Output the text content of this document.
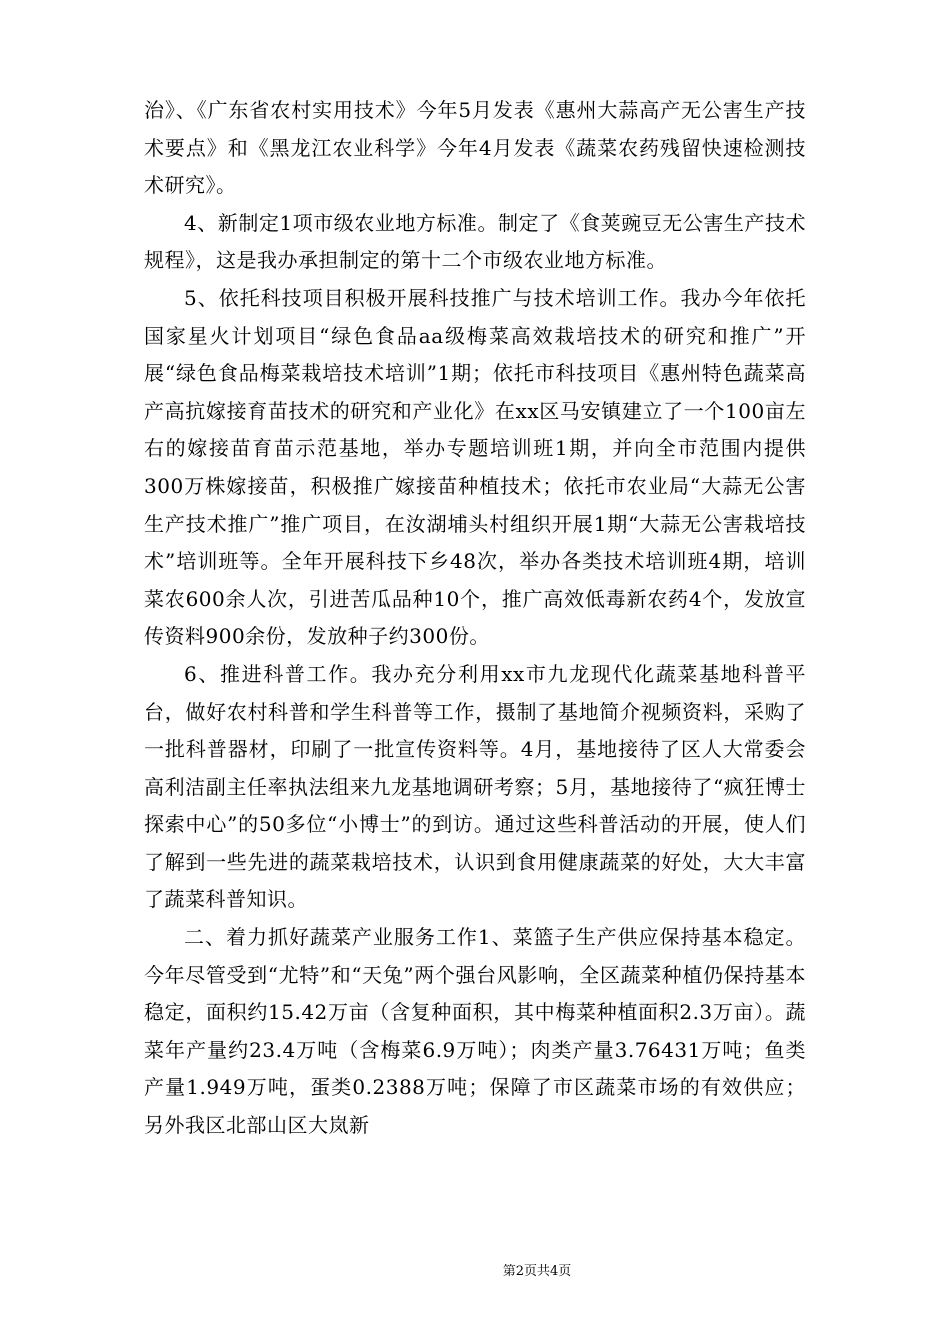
治》、《广东省农村实用技术》今年5月发表《惠州大蒜高产无公害生产技术要点》和《黑龙江农业科学》今年4月发表《蔬菜农药残留快速检测技术研究》。

4、新制定1项市级农业地方标准。制定了《食荚豌豆无公害生产技术规程》，这是我办承担制定的第十二个市级农业地方标准。

5、依托科技项目积极开展科技推广与技术培训工作。我办今年依托国家星火计划项目“绿色食品aa级梅菜高效栽培技术的研究和推广”开展“绿色食品梅菜栽培技术培训”1期；依托市科技项目《惠州特色蔬菜高产高抗嫁接育苗技术的研究和产业化》在xx区马安镇建立了一个100亩左右的嫁接苗育苗示范基地，举办专题培训班1期，并向全市范围内提供300万株嫁接苗，积极推广嫁接苗种植技术；依托市农业局“大蒜无公害生产技术推广”推广项目，在汝湖埔头村组织开展1期“大蒜无公害栽培技术”培训班等。全年开展科技下乡48次，举办各类技术培训班4期，培训菜农600余人次，引进苦瓜品种10个，推广高效低毒新农药4个，发放宣传资料900余份，发放种子约300份。

6、推进科普工作。我办充分利用xx市九龙现代化蔬菜基地科普平台，做好农村科普和学生科普等工作，摄制了基地简介视频资料，采购了一批科普器材，印刷了一批宣传资料等。4月，基地接待了区人大常委会高利洁副主任率执法组来九龙基地调研考察；5月，基地接待了“疯狂博士探索中心”的50多位“小博士”的到访。通过这些科普活动的开展，使人们了解到一些先进的蔬菜栽培技术，认识到食用健康蔬菜的好处，大大丰富了蔬菜科普知识。

二、着力抓好蔬菜产业服务工作1、菜篮子生产供应保持基本稳定。今年尽管受到“尤特”和“天兔”两个强台风影响，全区蔬菜种植仍保持基本稳定，面积约15.42万亩（含复种面积，其中梅菜种植面积2.3万亩）。蔬菜年产量约23.4万吨（含梅菜6.9万吨）；肉类产量3.76431万吨；鱼类产量1.949万吨，蛋类0.2388万吨；保障了市区蔬菜市场的有效供应；另外我区北部山区大岚新

第2页共4页
